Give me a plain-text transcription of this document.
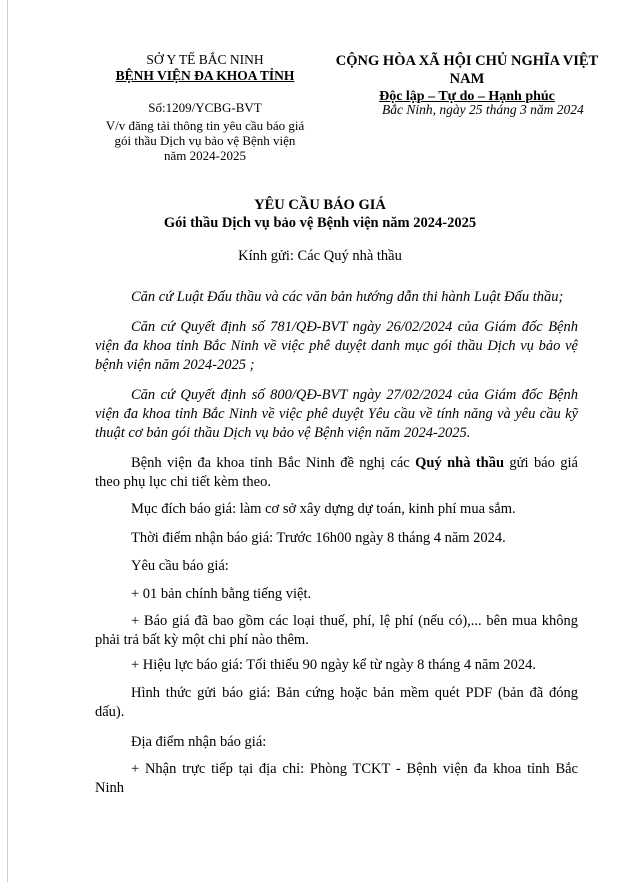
SỞ Y TẾ BẮC NINH
BỆNH VIỆN ĐA KHOA TỈNH
CỘNG HÒA XÃ HỘI CHỦ NGHĨA VIỆT NAM
Độc lập – Tự do – Hạnh phúc
Số:1209/YCBG-BVT
V/v đăng tải thông tin yêu cầu báo giá
gói thầu Dịch vụ bảo vệ Bệnh viện
năm 2024-2025
Bắc Ninh, ngày 25 tháng 3 năm 2024
YÊU CẦU BÁO GIÁ
Gói thầu Dịch vụ bảo vệ Bệnh viện năm 2024-2025
Kính gửi: Các Quý nhà thầu

Căn cứ Luật Đấu thầu và các văn bản hướng dẫn thi hành Luật Đấu thầu;

Căn cứ Quyết định số 781/QĐ-BVT ngày 26/02/2024 của Giám đốc Bệnh viện đa khoa tỉnh Bắc Ninh về việc phê duyệt danh mục gói thầu Dịch vụ bảo vệ bệnh viện năm 2024-2025 ;

Căn cứ Quyết định số 800/QĐ-BVT ngày 27/02/2024 của Giám đốc Bệnh viện đa khoa tỉnh Bắc Ninh về việc phê duyệt Yêu cầu về tính năng và yêu cầu kỹ thuật cơ bản gói thầu Dịch vụ bảo vệ Bệnh viện năm 2024-2025.

Bệnh viện đa khoa tỉnh Bắc Ninh đề nghị các Quý nhà thầu gửi báo giá theo phụ lục chi tiết kèm theo.

Mục đích báo giá: làm cơ sở xây dựng dự toán, kinh phí mua sắm.

Thời điểm nhận báo giá: Trước 16h00 ngày 8 tháng 4 năm 2024.

Yêu cầu báo giá:

+ 01 bản chính bằng tiếng việt.

+ Báo giá đã bao gồm các loại thuế, phí, lệ phí (nếu có),... bên mua không phải trả bất kỳ một chi phí nào thêm.

+ Hiệu lực báo giá: Tối thiểu 90 ngày kể từ ngày 8 tháng 4 năm 2024.

Hình thức gửi báo giá: Bản cứng hoặc bản mềm quét PDF (bản đã đóng dấu).

Địa điểm nhận báo giá:

+ Nhận trực tiếp tại địa chỉ: Phòng TCKT - Bệnh viện đa khoa tỉnh Bắc Ninh
